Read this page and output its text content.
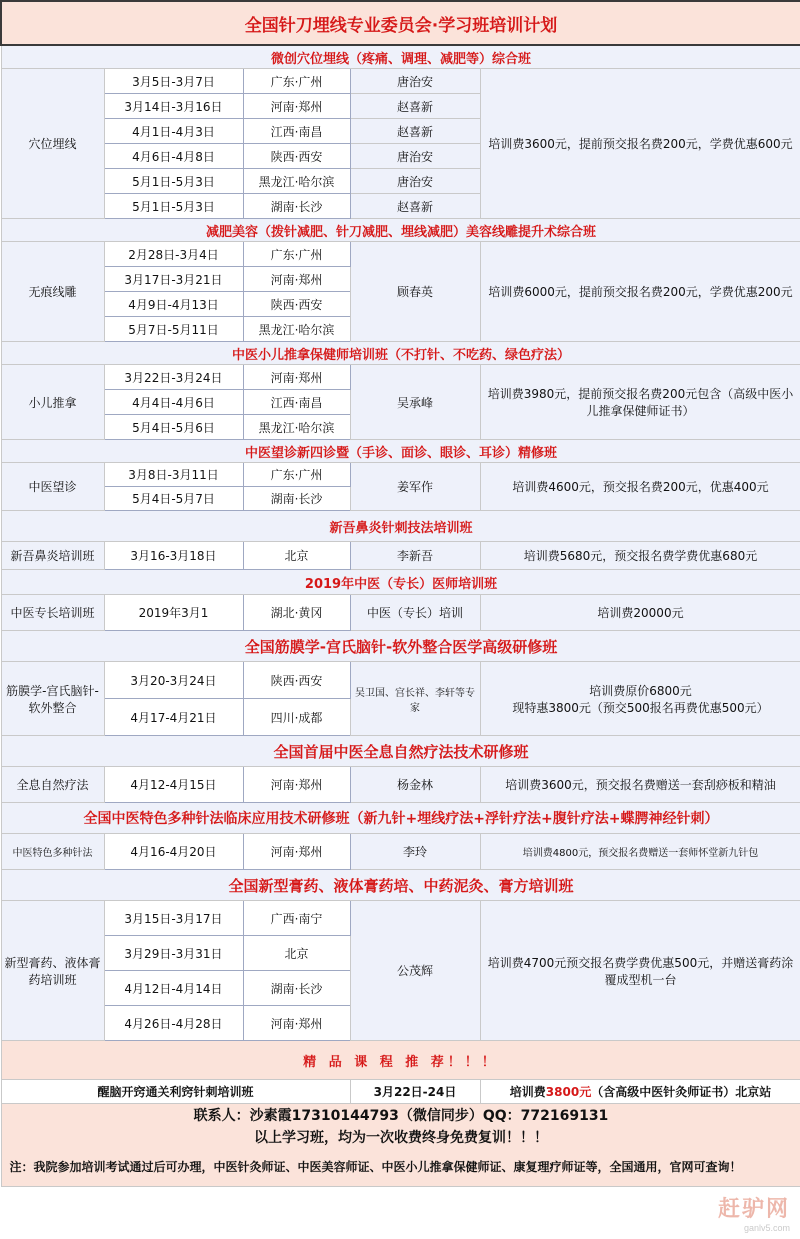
全国针刀埋线专业委员会·学习班培训计划				
微创穴位埋线（疼痛、调理、减肥等）综合班				
穴位埋线	3月5日-3月7日	广东·广州	唐治安	培训费3600元，提前预交报名费200元，学费优惠600元
	3月14日-3月16日	河南·郑州	赵喜新	
	4月1日-4月3日	江西·南昌	赵喜新	
	4月6日-4月8日	陕西·西安	唐治安	
	5月1日-5月3日	黑龙江·哈尔滨	唐治安	
	5月1日-5月3日	湖南·长沙	赵喜新	
减肥美容（拨针减肥、针刀减肥、埋线减肥）美容线雕提升术综合班				
无痕线雕	2月28日-3月4日	广东·广州	顾春英	培训费6000元，提前预交报名费200元，学费优惠200元
	3月17日-3月21日	河南·郑州		
	4月9日-4月13日	陕西·西安		
	5月7日-5月11日	黑龙江·哈尔滨		
中医小儿推拿保健师培训班（不打针、不吃药、绿色疗法）				
小儿推拿	3月22日-3月24日	河南·郑州	吴承峰	培训费3980元，提前预交报名费200元包含（高级中医小儿推拿保健师证书）
	4月4日-4月6日	江西·南昌		
	5月4日-5月6日	黑龙江·哈尔滨		
中医望诊新四诊暨（手诊、面诊、眼诊、耳诊）精修班				
中医望诊	3月8日-3月11日	广东·广州	姜军作	培训费4600元，预交报名费200元，优惠400元
	5月4日-5月7日	湖南·长沙		
新吾鼻炎针刺技法培训班				
新吾鼻炎培训班	3月16-3月18日	北京	李新吾	培训费5680元，预交报名费学费优惠680元
2019年中医（专长）医师培训班				
中医专长培训班	2019年3月1	湖北·黄冈	中医（专长）培训	培训费20000元
全国筋膜学-宫氏脑针-软外整合医学高级研修班				
筋膜学-宫氏脑针-软外整合	3月20-3月24日	陕西·西安	吴卫国、宫长祥、李轩等专家	培训费原价6800元
现特惠3800元（预交500报名再费优惠500元）

	4月17-4月21日	四川·成都		
全国首届中医全息自然疗法技术研修班				
全息自然疗法	4月12-4月15日	河南·郑州	杨金林	培训费3600元，预交报名费赠送一套刮痧板和精油
全国中医特色多种针法临床应用技术研修班（新九针+埋线疗法+浮针疗法+腹针疗法+蝶腭神经针刺）				
中医特色多种针法	4月16-4月20日	河南·郑州	李玲	培训费4800元，预交报名费赠送一套师怀堂新九针包
全国新型膏药、液体膏药培、中药泥灸、膏方培训班				
新型膏药、液体膏药培训班	3月15日-3月17日	广西·南宁	公茂辉	培训费4700元预交报名费学费优惠500元，并赠送膏药涂覆成型机一台
	3月29日-3月31日	北京		
	4月12日-4月14日	湖南·长沙		
	4月26日-4月28日	河南·郑州		
精 品 课 程 推 荐！！！				
醒脑开窍通关利窍针刺培训班			3月22日-24日	培训费3800元（含高级中医针灸师证书）北京站
联系人：沙素霞17310144793（微信同步）QQ：772169131				
以上学习班，均为一次收费终身免费复训！！！				
注：我院参加培训考试通过后可办理，中医针灸师证、中医美容师证、中医小儿推拿保健师证、康复理疗师证等，全国通用，官网可查询！				
赶驴网
ganlv5.com
